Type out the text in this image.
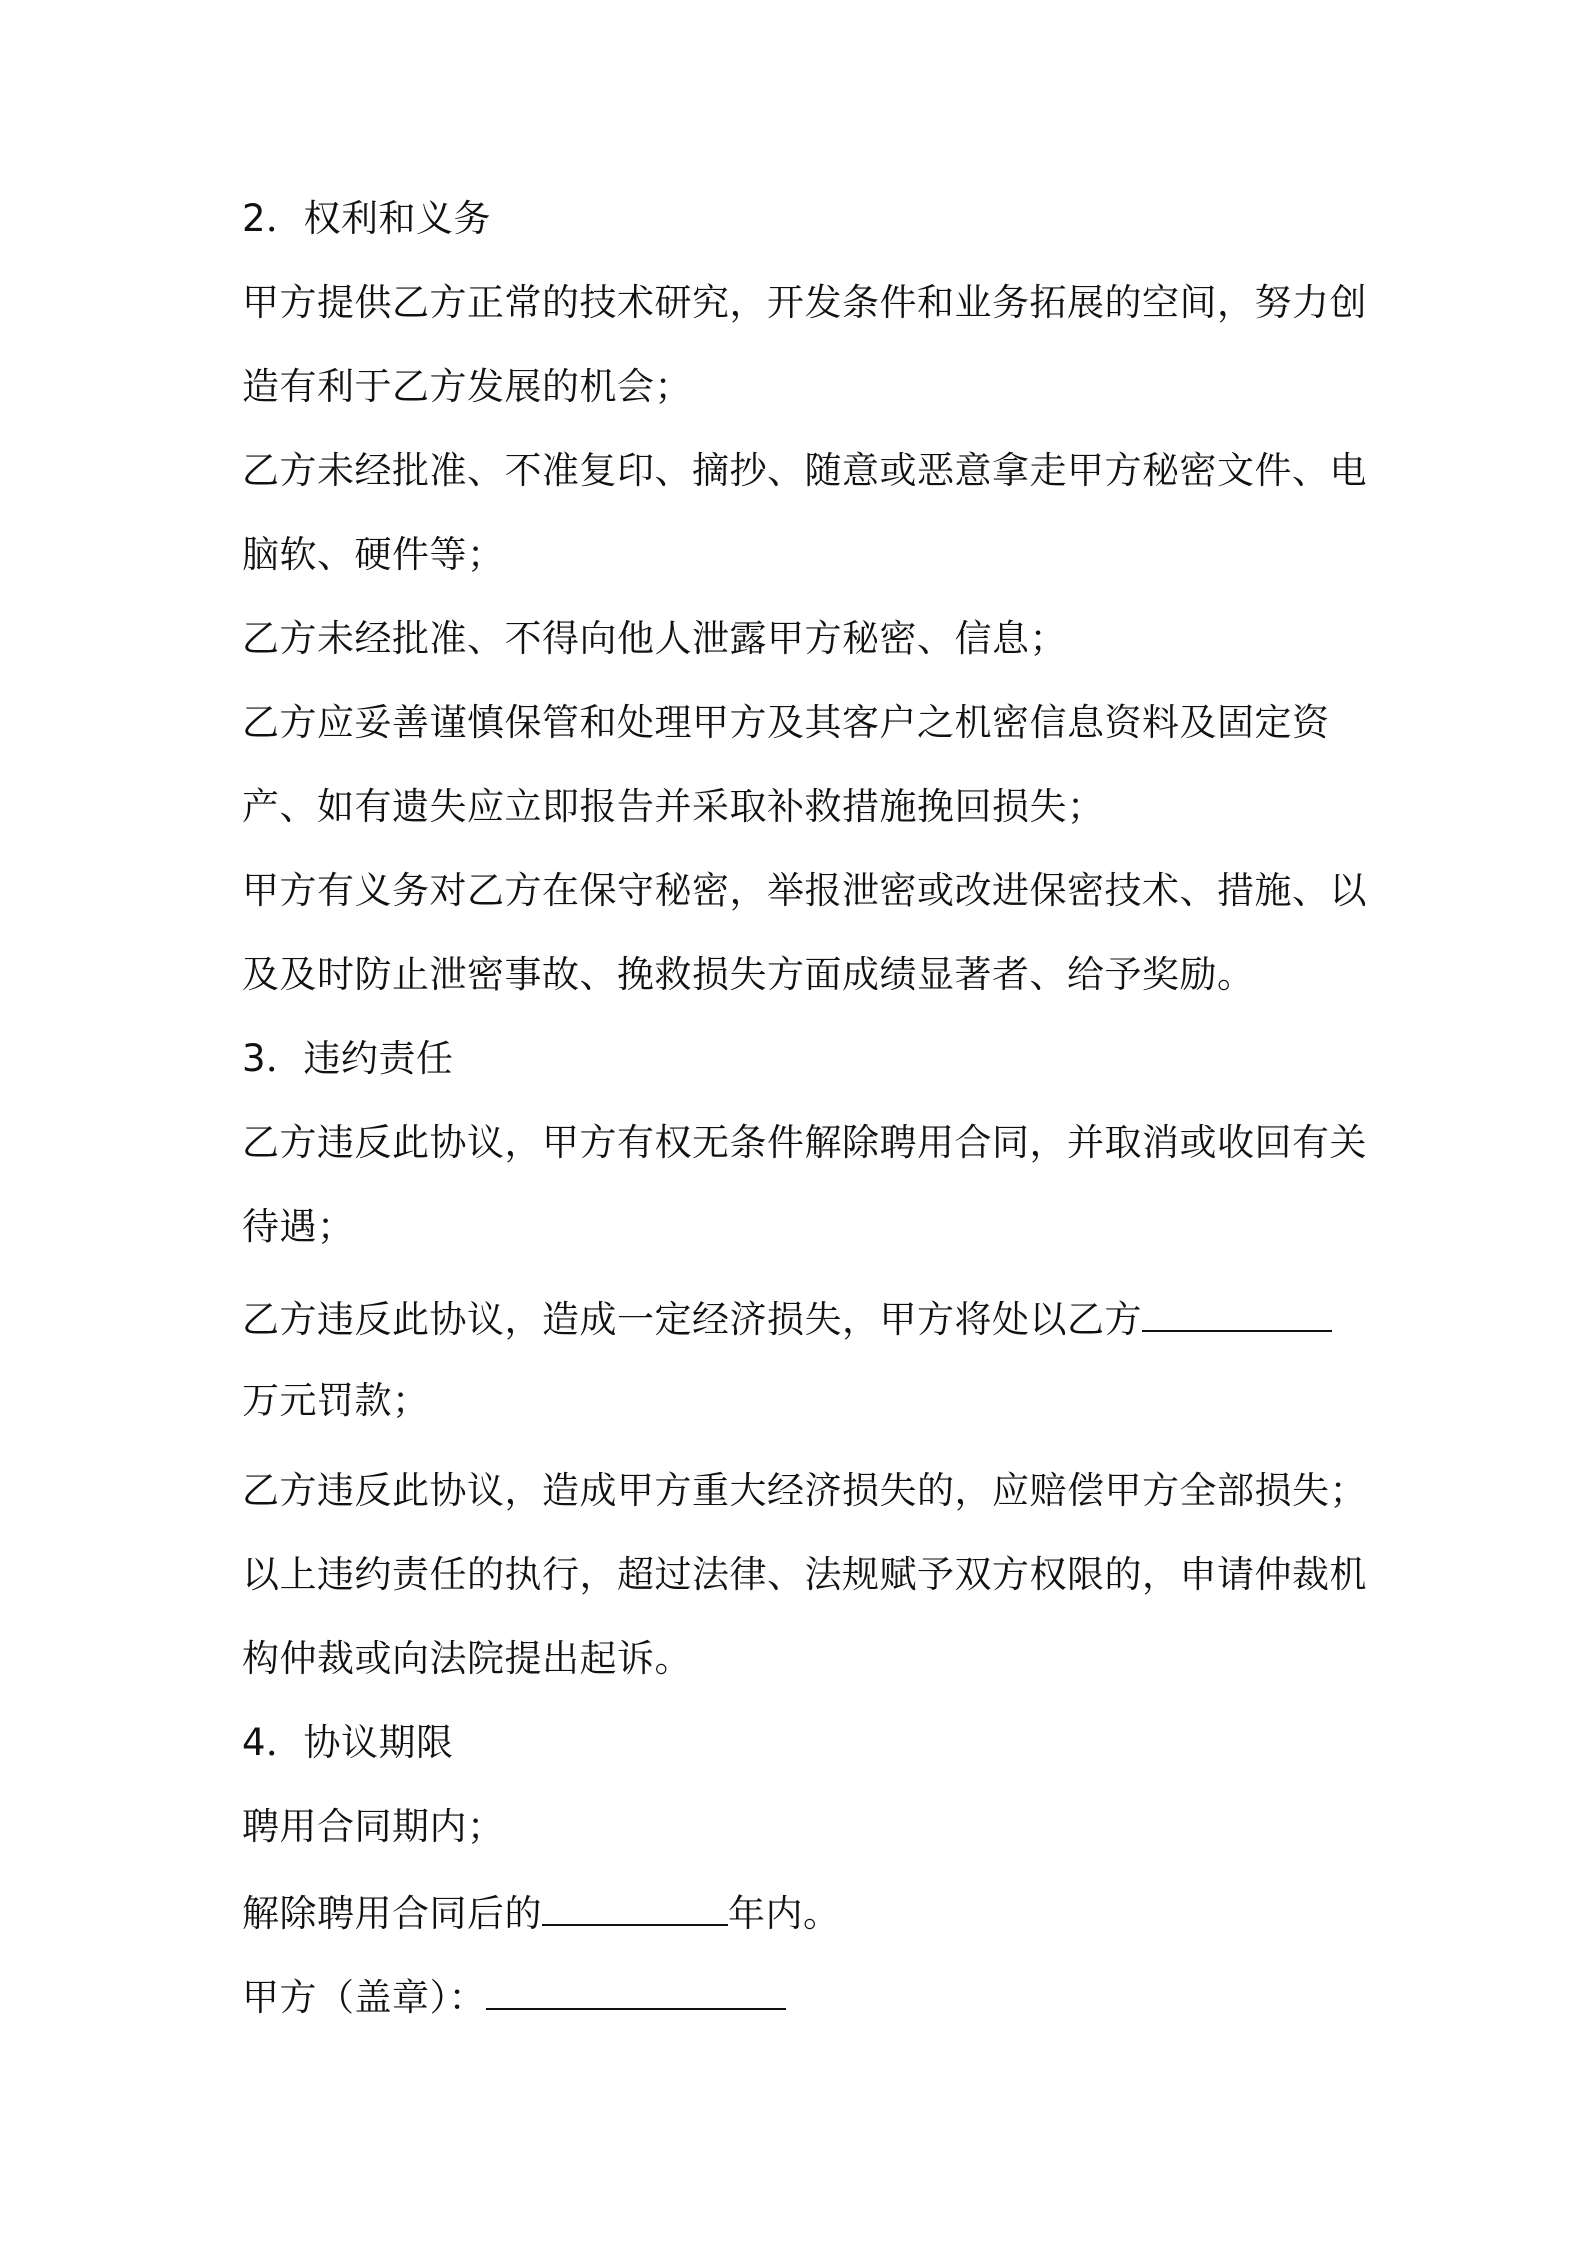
2．权利和义务
甲方提供乙方正常的技术研究，开发条件和业务拓展的空间，努力创
造有利于乙方发展的机会；
乙方未经批准、不准复印、摘抄、随意或恶意拿走甲方秘密文件、电
脑软、硬件等；
乙方未经批准、不得向他人泄露甲方秘密、信息；
乙方应妥善谨慎保管和处理甲方及其客户之机密信息资料及固定资
产、如有遗失应立即报告并采取补救措施挽回损失；
甲方有义务对乙方在保守秘密，举报泄密或改进保密技术、措施、以
及及时防止泄密事故、挽救损失方面成绩显著者、给予奖励。
3．违约责任
乙方违反此协议，甲方有权无条件解除聘用合同，并取消或收回有关
待遇；
乙方违反此协议，造成一定经济损失，甲方将处以乙方
万元罚款；
乙方违反此协议，造成甲方重大经济损失的，应赔偿甲方全部损失；
以上违约责任的执行，超过法律、法规赋予双方权限的，申请仲裁机
构仲裁或向法院提出起诉。
4．协议期限
聘用合同期内；
解除聘用合同后的	年内。
甲方（盖章）：
